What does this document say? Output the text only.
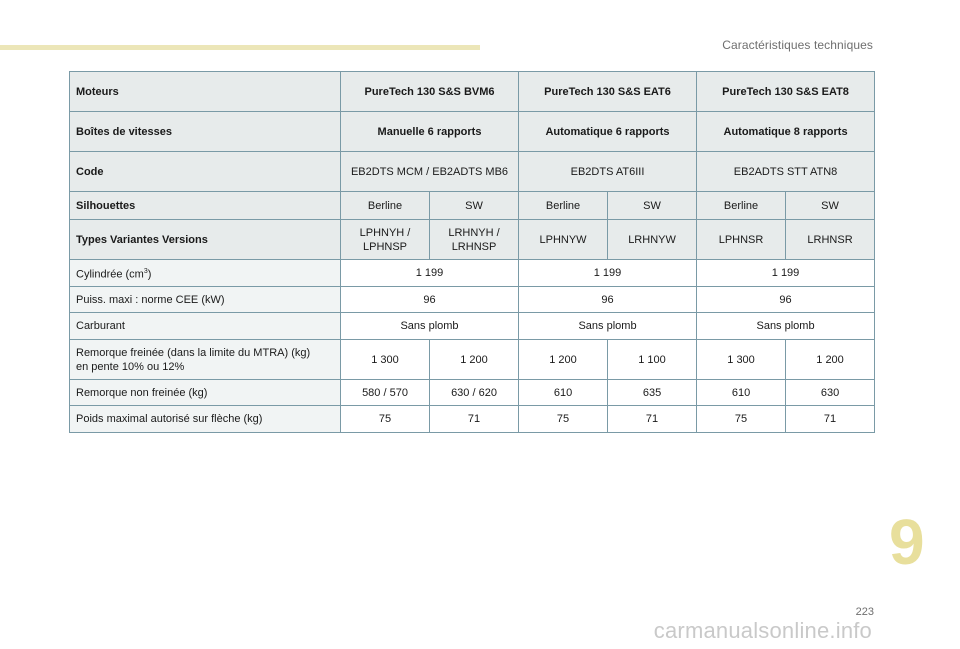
Caractéristiques techniques
Moteurs	PureTech 130 S&S BVM6		PureTech 130 S&S EAT6		PureTech 130 S&S EAT8	
Boîtes de vitesses	Manuelle 6 rapports		Automatique 6 rapports		Automatique 8 rapports	
Code	EB2DTS MCM / EB2ADTS MB6		EB2DTS AT6III		EB2ADTS STT ATN8	
Silhouettes	Berline	SW	Berline	SW	Berline	SW
Types Variantes Versions	LPHNYH / LPHNSP	LRHNYH / LRHNSP	LPHNYW	LRHNYW	LPHNSR	LRHNSR
Cylindrée $(cm^3)$	1 199		1 199		1 199	
Puiss. maxi : norme CEE (kW)	96		96		96	
Carburant	Sans plomb		Sans plomb		Sans plomb	
Remorque freinée (dans la limite du MTRA) (kg)
en pente 10% ou 12%	1 300	1 200	1 200	1 100	1 300	1 200
Remorque non freinée (kg)	580 / 570	630 / 620	610	635	610	630
Poids maximal autorisé sur flèche (kg)	75	71	75	71	75	71
9
223
carmanualsonline.info
